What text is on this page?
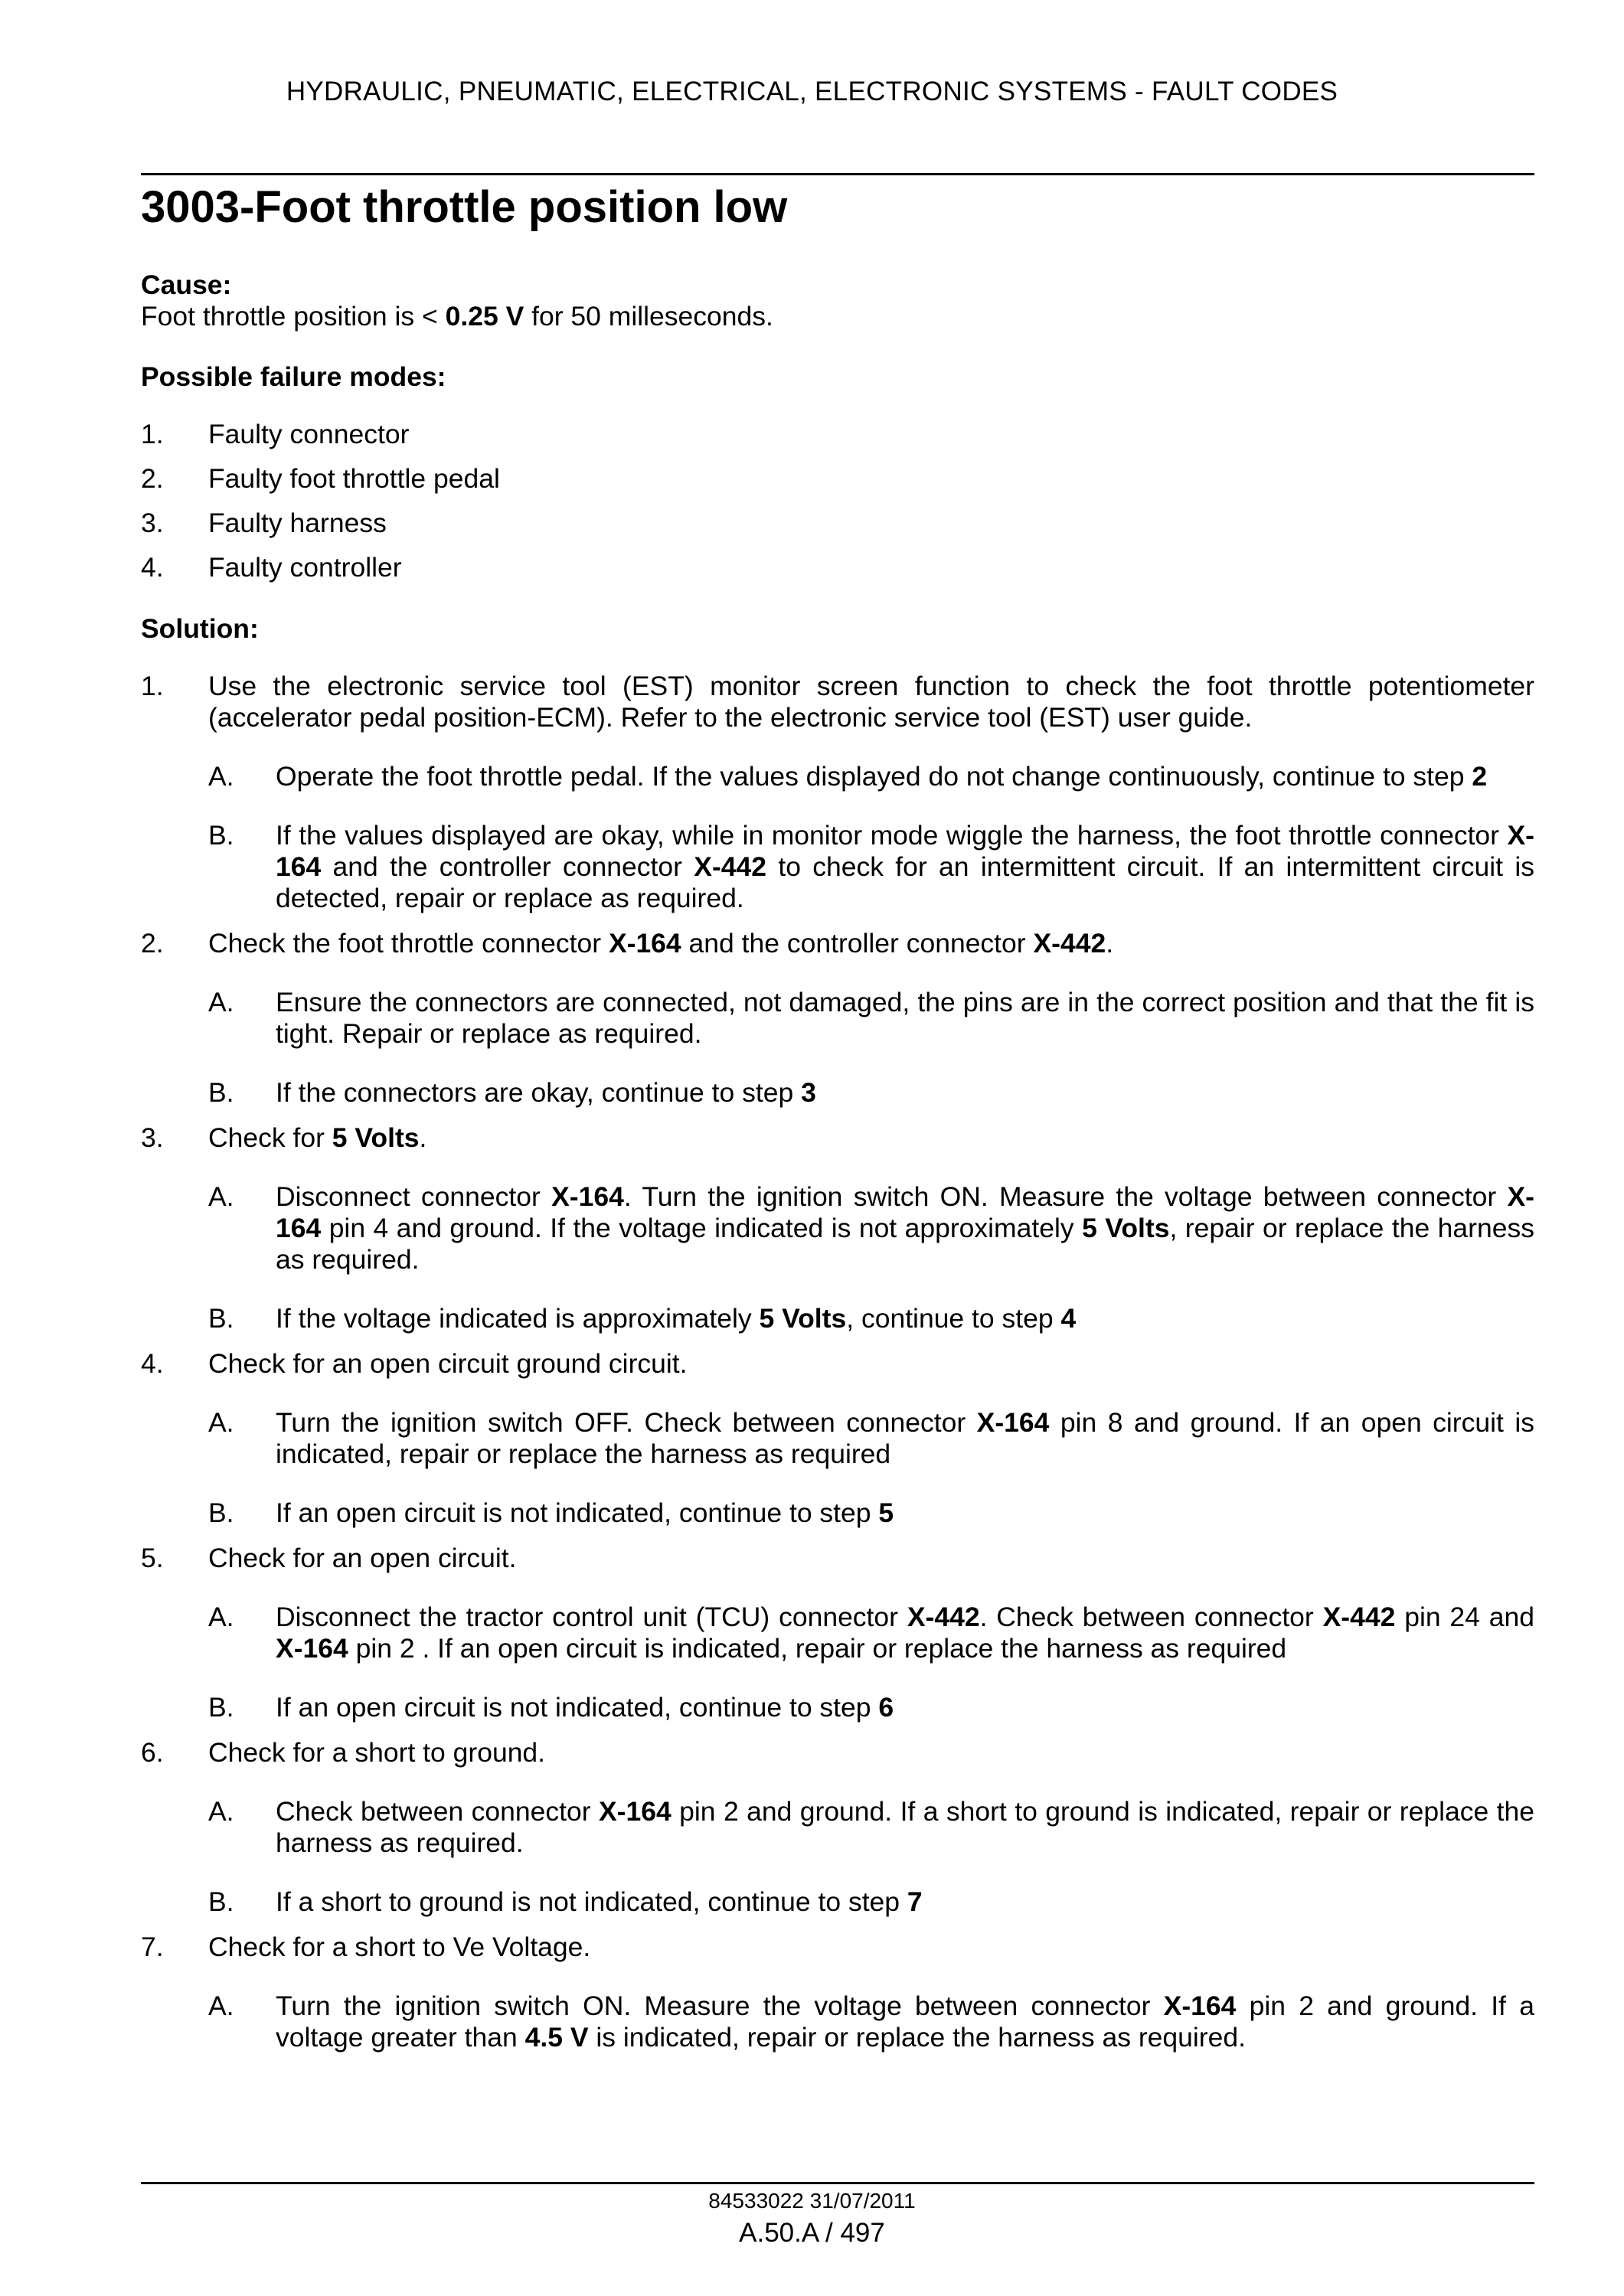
HYDRAULIC, PNEUMATIC, ELECTRICAL, ELECTRONIC SYSTEMS - FAULT CODES
3003-Foot throttle position low
Cause:
Foot throttle position is < 0.25 V for 50 milleseconds.
Possible failure modes:
1. Faulty connector
2. Faulty foot throttle pedal
3. Faulty harness
4. Faulty controller
Solution:
1. Use the electronic service tool (EST) monitor screen function to check the foot throttle potentiometer (accelerator pedal position-ECM). Refer to the electronic service tool (EST) user guide.
A. Operate the foot throttle pedal. If the values displayed do not change continuously, continue to step 2
B. If the values displayed are okay, while in monitor mode wiggle the harness, the foot throttle connector X-164 and the controller connector X-442 to check for an intermittent circuit. If an intermittent circuit is detected, repair or replace as required.
2. Check the foot throttle connector X-164 and the controller connector X-442.
A. Ensure the connectors are connected, not damaged, the pins are in the correct position and that the fit is tight. Repair or replace as required.
B. If the connectors are okay, continue to step 3
3. Check for 5 Volts.
A. Disconnect connector X-164. Turn the ignition switch ON. Measure the voltage between connector X-164 pin 4 and ground. If the voltage indicated is not approximately 5 Volts, repair or replace the harness as required.
B. If the voltage indicated is approximately 5 Volts, continue to step 4
4. Check for an open circuit ground circuit.
A. Turn the ignition switch OFF. Check between connector X-164 pin 8 and ground. If an open circuit is indicated, repair or replace the harness as required
B. If an open circuit is not indicated, continue to step 5
5. Check for an open circuit.
A. Disconnect the tractor control unit (TCU) connector X-442. Check between connector X-442 pin 24 and X-164 pin 2 . If an open circuit is indicated, repair or replace the harness as required
B. If an open circuit is not indicated, continue to step 6
6. Check for a short to ground.
A. Check between connector X-164 pin 2 and ground. If a short to ground is indicated, repair or replace the harness as required.
B. If a short to ground is not indicated, continue to step 7
7. Check for a short to Ve Voltage.
A. Turn the ignition switch ON. Measure the voltage between connector X-164 pin 2 and ground. If a voltage greater than 4.5 V is indicated, repair or replace the harness as required.
84533022 31/07/2011
A.50.A / 497
